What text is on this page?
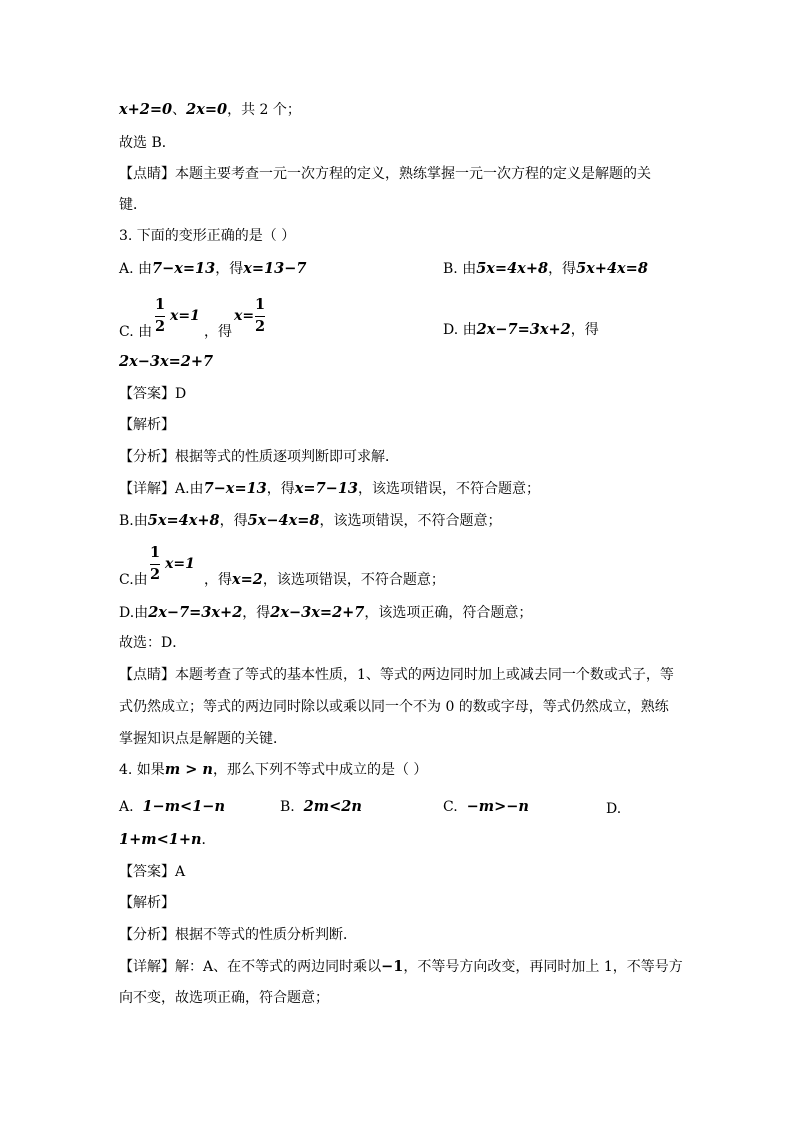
x+2=0、2x=0，共 2 个；
故选 B．
【点睛】本题主要考查一元一次方程的定义，熟练掌握一元一次方程的定义是解题的关
键．
3. 下面的变形正确的是（ ）
A. 由7−x=13，得x=13−7	B. 由5x=4x+8，得5x+4x=8
C. 由
1
2
x=1
，得
x=
1
2	D. 由2x−7=3x+2，得
2x−3x=2+7
【答案】D
【解析】
【分析】根据等式的性质逐项判断即可求解．
【详解】A.由7−x=13，得x=7−13，该选项错误，不符合题意；
B.由5x=4x+8，得5x−4x=8，该选项错误，不符合题意；
C.由
1
2
x=1
，得x=2，该选项错误，不符合题意；
D.由2x−7=3x+2，得2x−3x=2+7，该选项正确，符合题意；
故选：D．
【点睛】本题考查了等式的基本性质，1、等式的两边同时加上或减去同一个数或式子，等
式仍然成立；等式的两边同时除以或乘以同一个不为 0 的数或字母，等式仍然成立，熟练
掌握知识点是解题的关键．
4. 如果m > n，那么下列不等式中成立的是（ ）
A. 1−m<1−n	B. 2m<2n	C. −m>−n	D.
1+m<1+n．
【答案】A
【解析】
【分析】根据不等式的性质分析判断．
【详解】解：A、在不等式的两边同时乘以−1，不等号方向改变，再同时加上 1，不等号方
向不变，故选项正确，符合题意；
